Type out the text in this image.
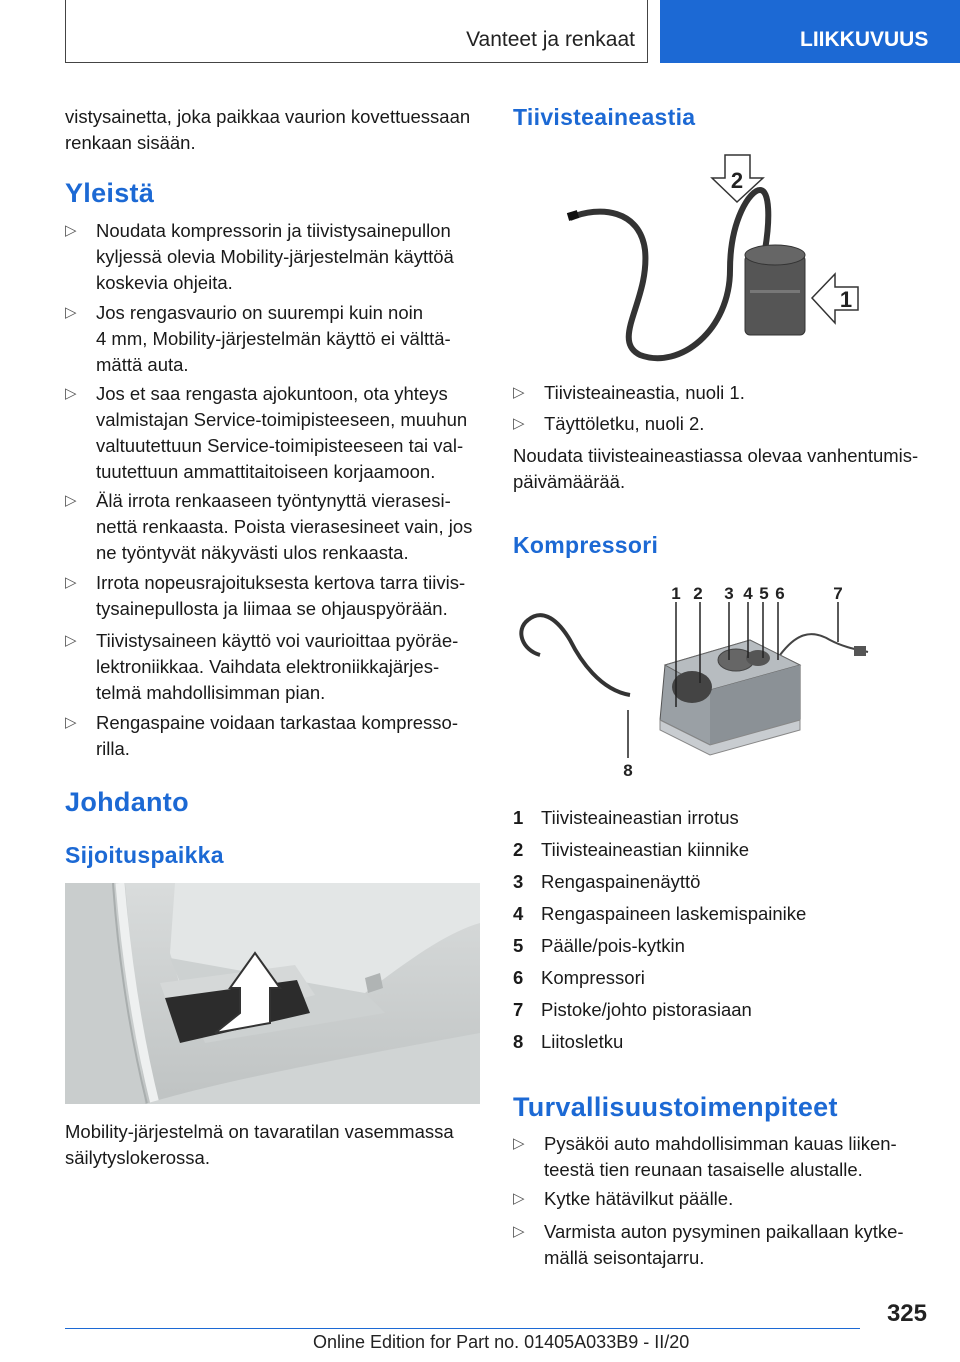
Vanteet ja renkaat	LIIKKUVUUS
vistysainetta, joka paikkaa vaurion kovettuessaan
renkaan sisään.
Yleistä
▷ Noudata kompressorin ja tiivistysainepullon
kyljessä olevia Mobility-järjestelmän käyttöä
koskevia ohjeita.
▷ Jos rengasvaurio on suurempi kuin noin
4 mm, Mobility-järjestelmän käyttö ei välttä-
mättä auta.
▷ Jos et saa rengasta ajokuntoon, ota yhteys
valmistajan Service-toimipisteeseen, muuhun
valtuutettuun Service-toimipisteeseen tai val-
tuutettuun ammattitaitoiseen korjaamoon.
▷ Älä irrota renkaaseen työntynyttä vierasesi-
nettä renkaasta. Poista vierasesineet vain, jos
ne työntyvät näkyvästi ulos renkaasta.
▷ Irrota nopeusrajoituksesta kertova tarra tiivis-
tysainepullosta ja liimaa se ohjauspyörään.
▷ Tiivistysaineen käyttö voi vaurioittaa pyöräe-
lektroniikkaa. Vaihdata elektroniikkajärjes-
telmä mahdollisimman pian.
▷ Rengaspaine voidaan tarkastaa kompresso-
rilla.
Johdanto
Sijoituspaikka
Mobility-järjestelmä on tavaratilan vasemmassa
säilytyslokerossa.
Tiivisteaineastia
2
1
▷ Tiivisteaineastia, nuoli 1.
▷ Täyttöletku, nuoli 2.
Noudata tiivisteaineastiassa olevaa vanhentumis-
päivämäärää.
Kompressori
1 2 3 4 5 6	7
8
1 Tiivisteaineastian irrotus
2 Tiivisteaineastian kiinnike
3 Rengaspainenäyttö
4 Rengaspaineen laskemispainike
5 Päälle/pois-kytkin
6 Kompressori
7 Pistoke/johto pistorasiaan
8 Liitosletku
Turvallisuustoimenpiteet
▷ Pysäköi auto mahdollisimman kauas liiken-
teestä tien reunaan tasaiselle alustalle.
▷ Kytke hätävilkut päälle.
▷ Varmista auton pysyminen paikallaan kytke-
mällä seisontajarru.
325
Online Edition for Part no. 01405A033B9 - II/20
